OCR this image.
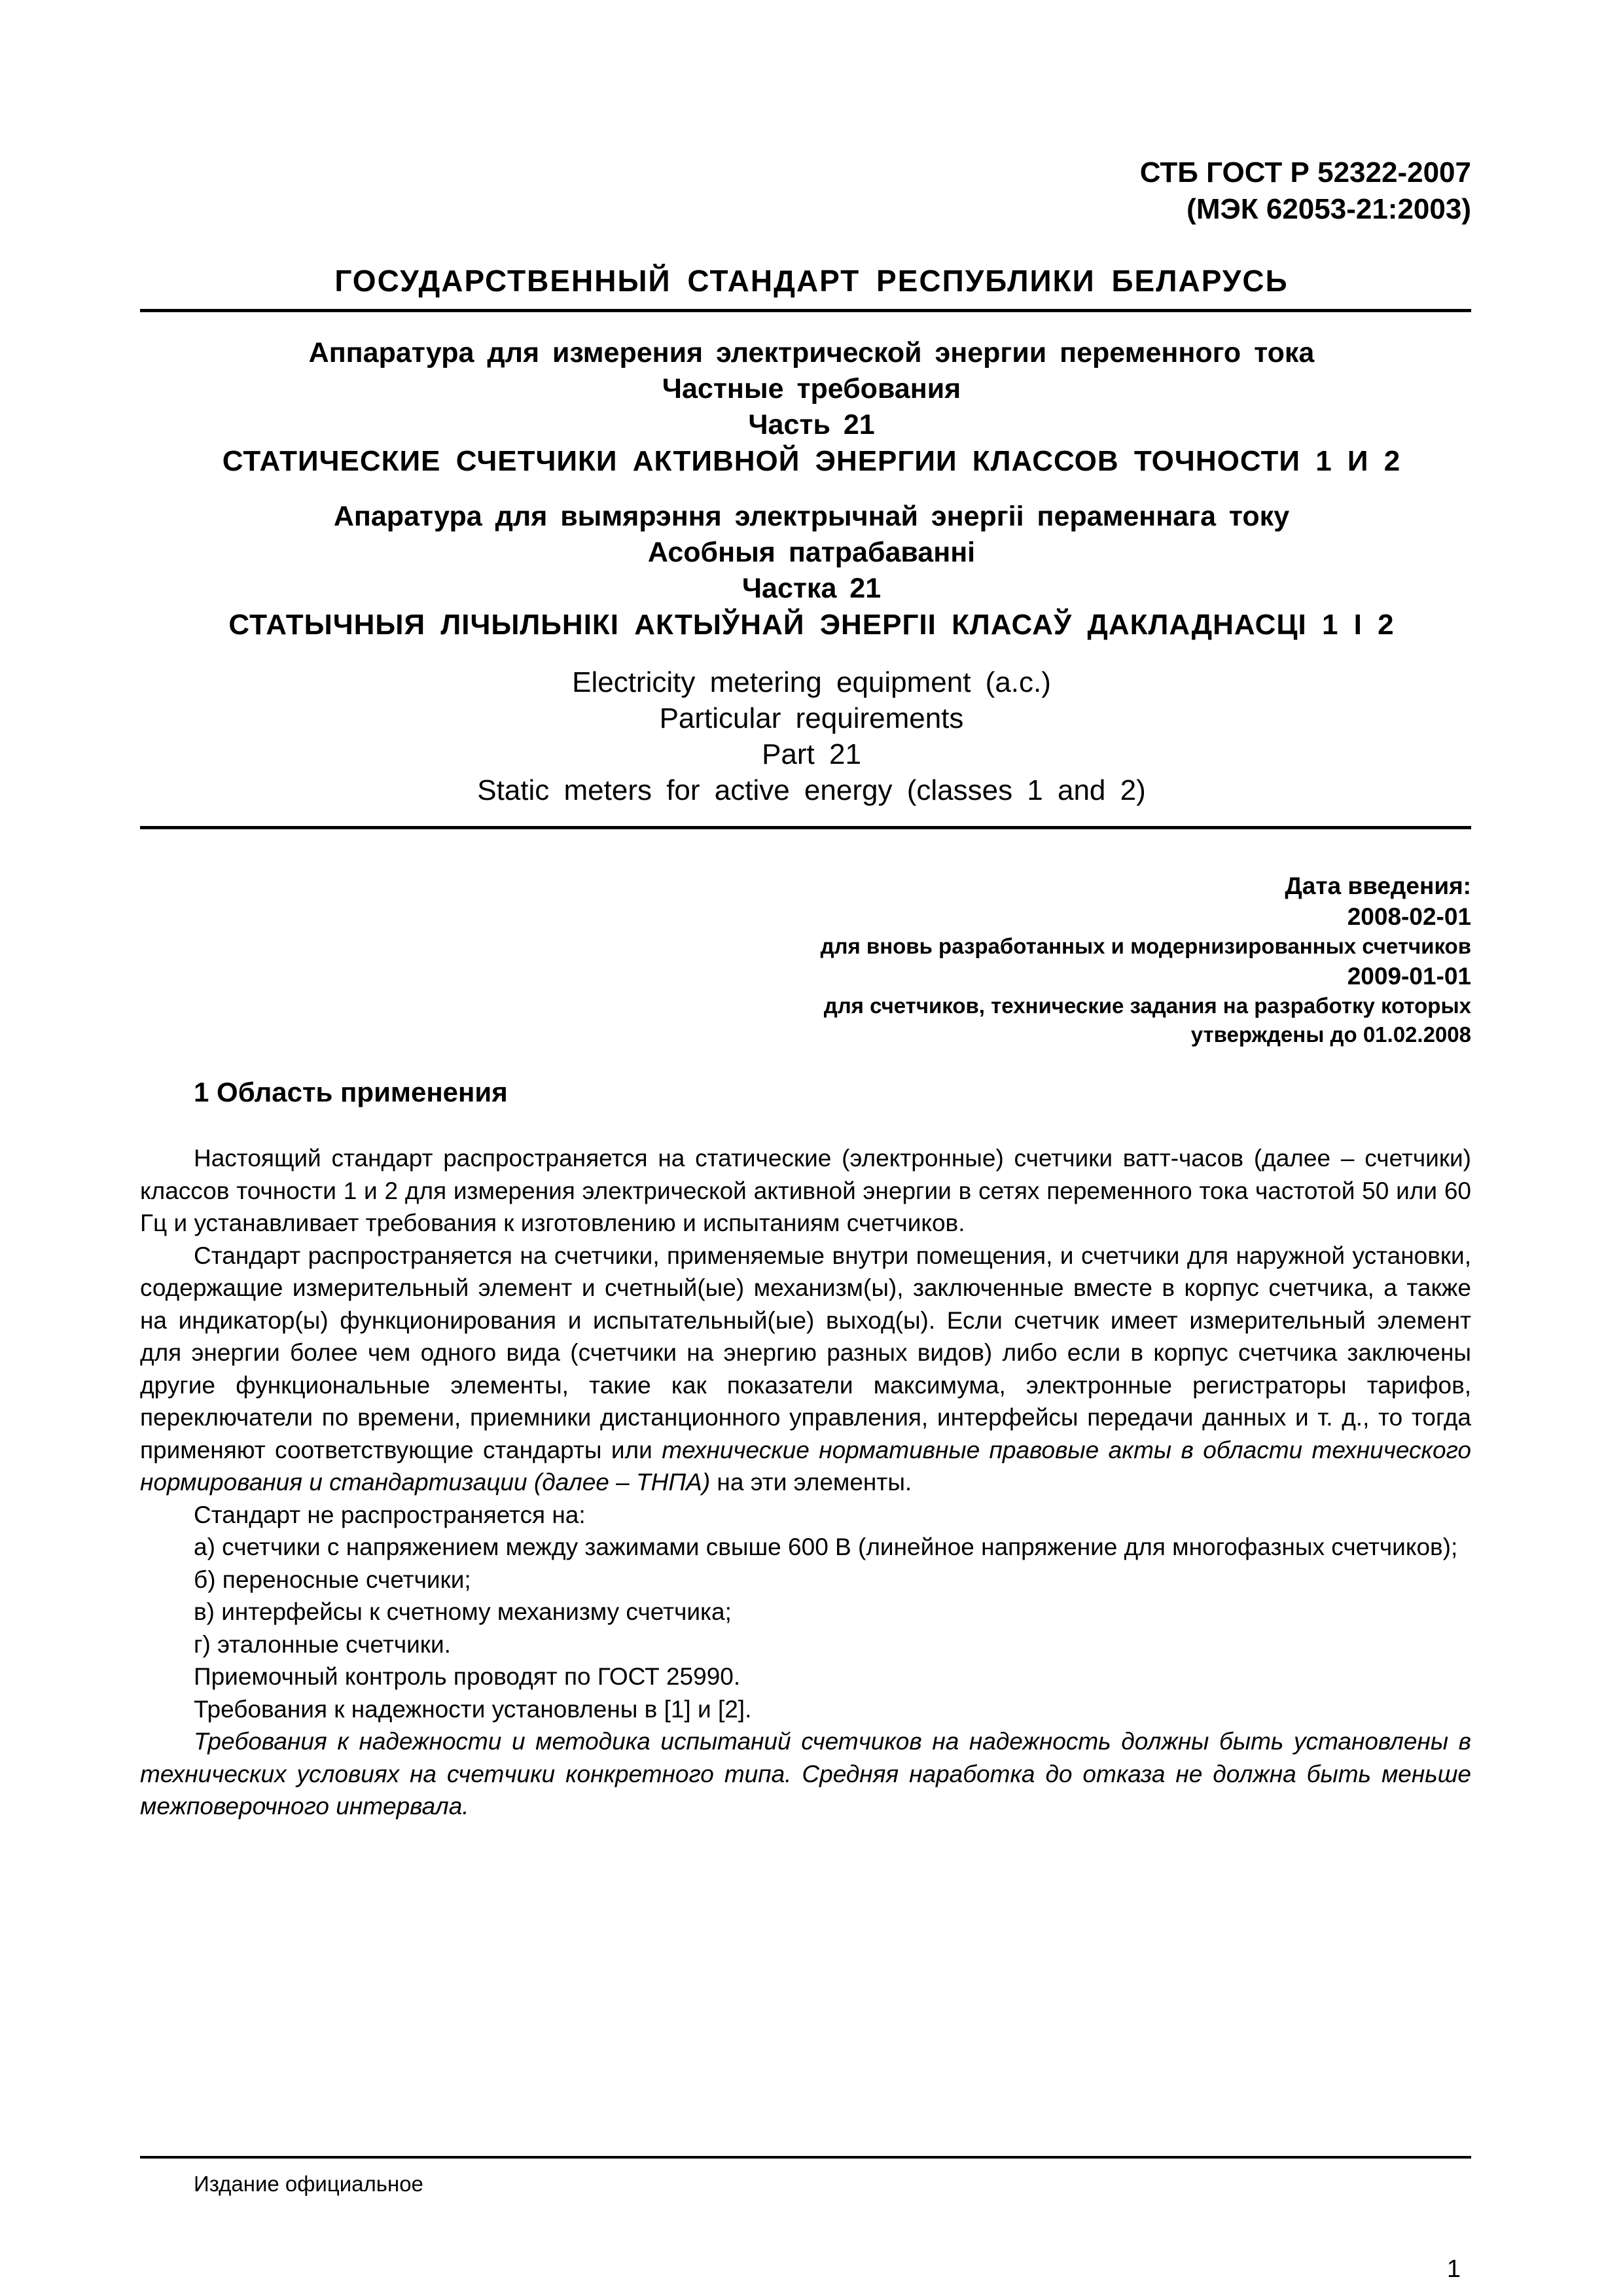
СТБ ГОСТ Р 52322-2007
(МЭК 62053-21:2003)
ГОСУДАРСТВЕННЫЙ СТАНДАРТ РЕСПУБЛИКИ БЕЛАРУСЬ
Аппаратура для измерения электрической энергии переменного тока
Частные требования
Часть 21
СТАТИЧЕСКИЕ СЧЕТЧИКИ АКТИВНОЙ ЭНЕРГИИ КЛАССОВ ТОЧНОСТИ 1 И 2
Апаратура для вымярэння электрычнай энергii пераменнага току
Асобныя патрабаванні
Частка 21
СТАТЫЧНЫЯ ЛІЧЫЛЬНІКІ АКТЫЎНАЙ ЭНЕРГІІ КЛАСАЎ ДАКЛАДНАСЦІ 1 І 2
Electricity metering equipment (a.c.)
Particular requirements
Part 21
Static meters for active energy (classes 1 and 2)
Дата введения:
2008-02-01
для вновь разработанных и модернизированных счетчиков
2009-01-01
для счетчиков, технические задания на разработку которых
утверждены до 01.02.2008
1 Область применения

Настоящий стандарт распространяется на статические (электронные) счетчики ватт-часов (далее – счетчики) классов точности 1 и 2 для измерения электрической активной энергии в сетях переменного тока частотой 50 или 60 Гц и устанавливает требования к изготовлению и испытаниям счетчиков.

Стандарт распространяется на счетчики, применяемые внутри помещения, и счетчики для наружной установки, содержащие измерительный элемент и счетный(ые) механизм(ы), заключенные вместе в корпус счетчика, а также на индикатор(ы) функционирования и испытательный(ые) выход(ы). Если счетчик имеет измерительный элемент для энергии более чем одного вида (счетчики на энергию разных видов) либо если в корпус счетчика заключены другие функциональные элементы, такие как показатели максимума, электронные регистраторы тарифов, переключатели по времени, приемники дистанционного управления, интерфейсы передачи данных и т. д., то тогда применяют соответствующие стандарты или технические нормативные правовые акты в области технического нормирования и стандартизации (далее – ТНПА) на эти элементы.

Стандарт не распространяется на:

а) счетчики с напряжением между зажимами свыше 600 В (линейное напряжение для многофазных счетчиков);

б) переносные счетчики;

в) интерфейсы к счетному механизму счетчика;

г) эталонные счетчики.

Приемочный контроль проводят по ГОСТ 25990.

Требования к надежности установлены в [1] и [2].

Требования к надежности и методика испытаний счетчиков на надежность должны быть установлены в технических условиях на счетчики конкретного типа. Средняя наработка до отказа не должна быть меньше межповерочного интервала.

Издание официальное
1
